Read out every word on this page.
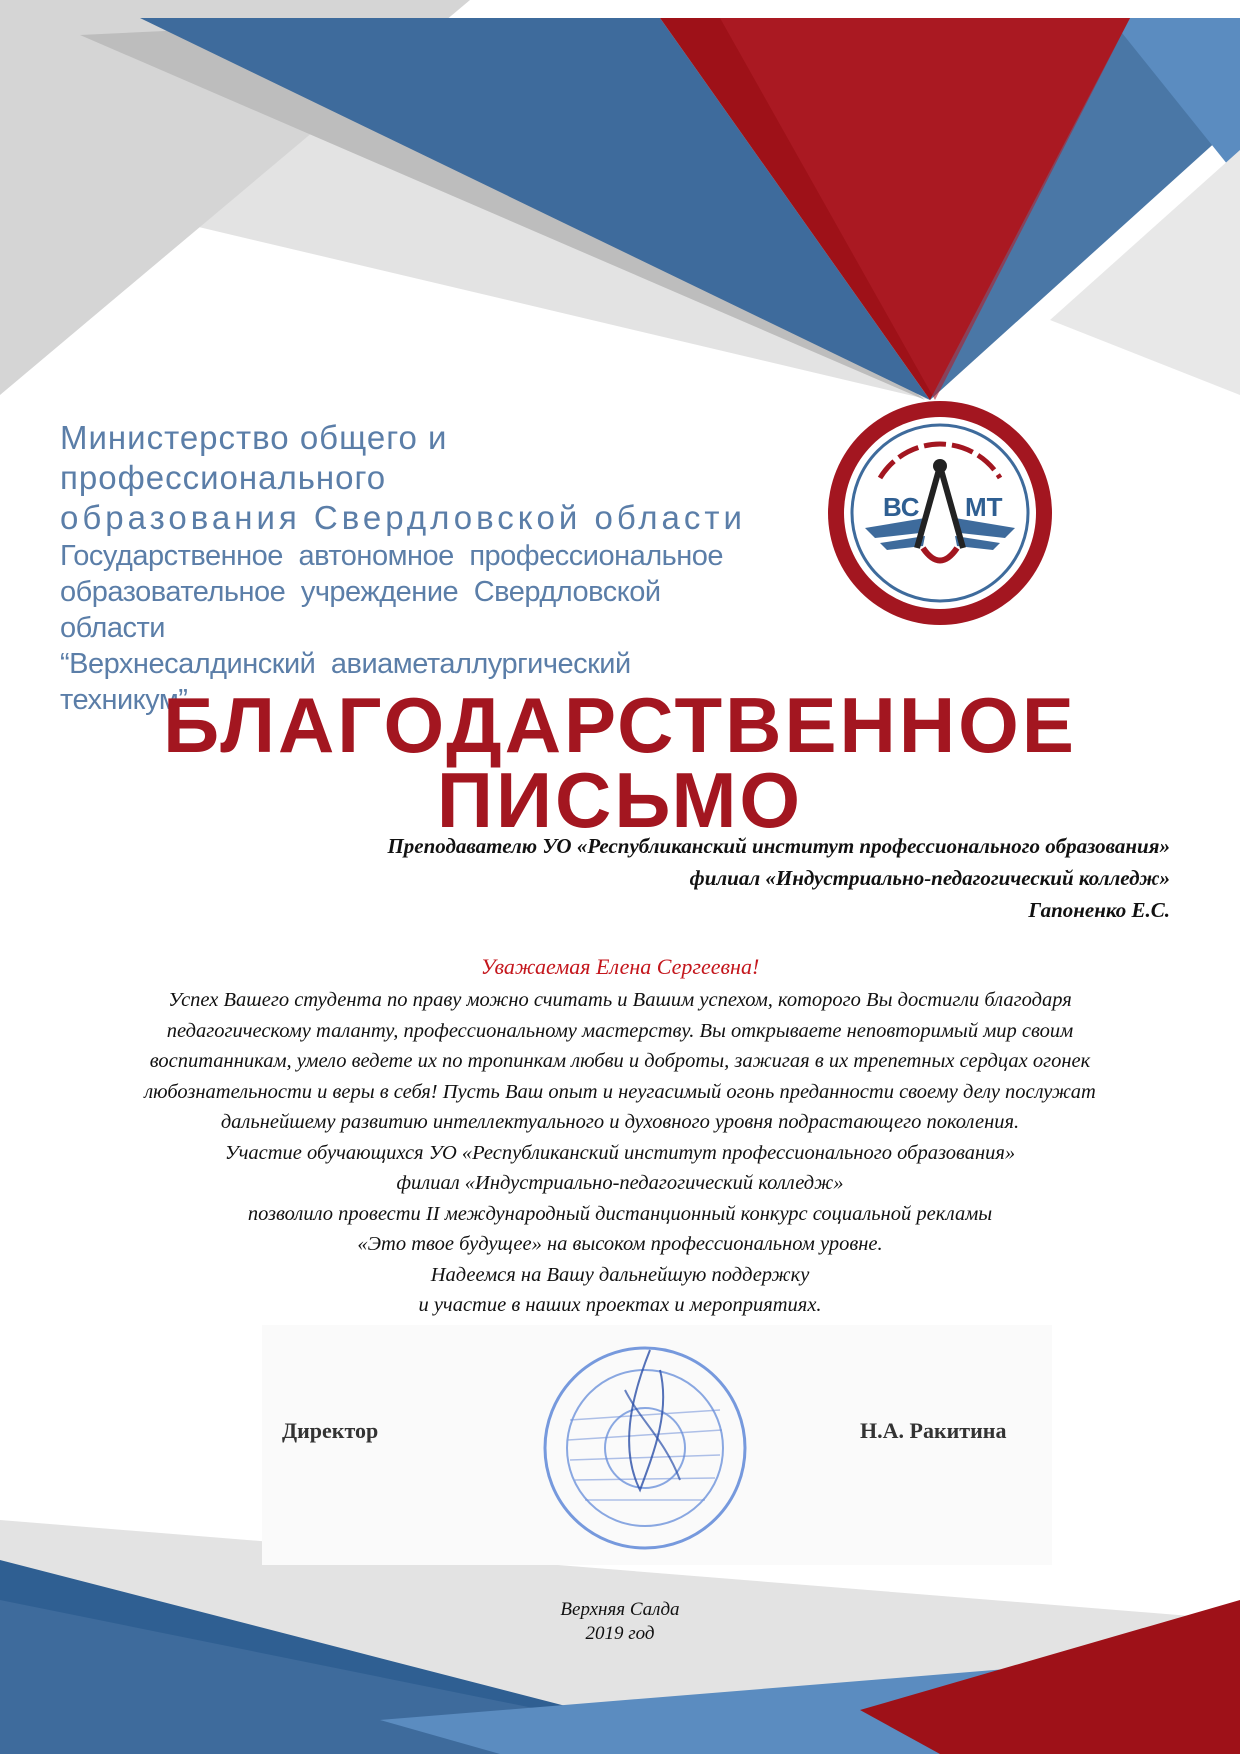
Министерство общего и профессионального
образования Свердловской области
Государственное автономное профессиональное
образовательное учреждение Свердловской области
“Верхнесалдинский авиаметаллургический техникум”
ВС МТ
БЛАГОДАРСТВЕННОЕ
ПИСЬМО
Преподавателю УО «Республиканский институт профессионального образования»
филиал «Индустриально-педагогический колледж»
Гапоненко Е.С.
Уважаемая Елена Сергеевна!

Успех Вашего студента по праву можно считать и Вашим успехом, которого Вы достигли благодаря

педагогическому таланту, профессиональному мастерству. Вы открываете неповторимый мир своим

воспитанникам, умело ведете их по тропинкам любви и доброты, зажигая в их трепетных сердцах огонек

любознательности и веры в себя! Пусть Ваш опыт и неугасимый огонь преданности своему делу послужат

дальнейшему развитию интеллектуального и духовного уровня подрастающего поколения.

Участие обучающихся УО «Республиканский институт профессионального образования»

филиал «Индустриально-педагогический колледж»

позволило провести II международный дистанционный конкурс социальной рекламы

«Это твое будущее» на высоком профессиональном уровне.

Надеемся на Вашу дальнейшую поддержку

и участие в наших проектах и мероприятиях.

Директор	Н.А. Ракитина
Верхняя Салда
2019 год
